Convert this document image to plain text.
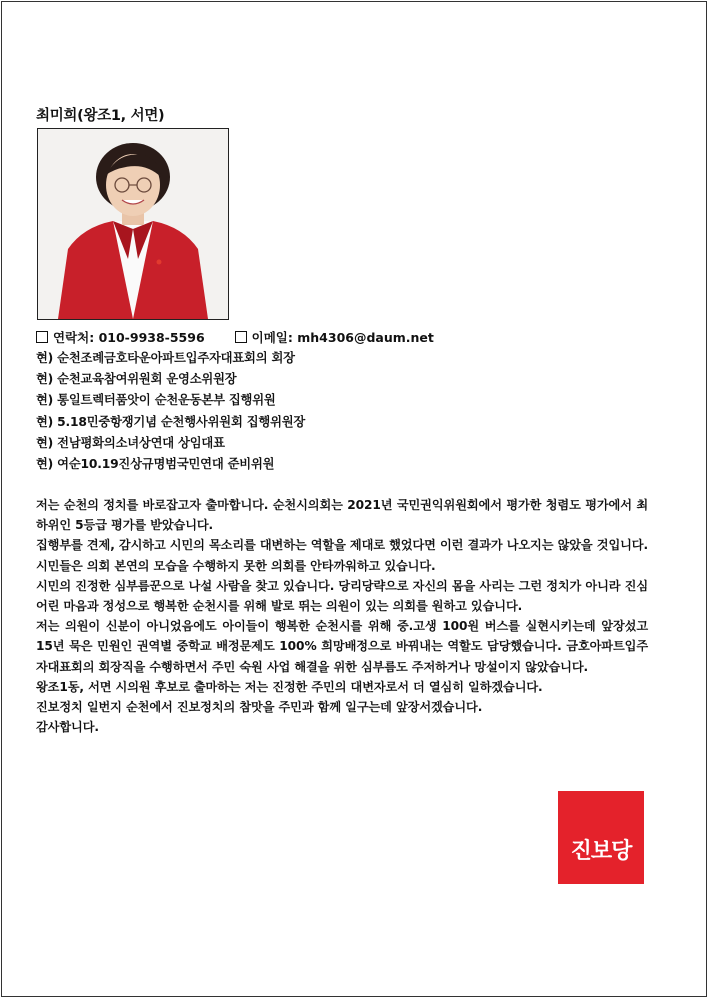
최미희(왕조1, 서면)
연락처: 010-9938-5596	이메일: mh4306@daum.net
현) 순천조례금호타운아파트입주자대표회의 회장
현) 순천교육참여위원회 운영소위원장
현) 통일트렉터품앗이 순천운동본부 집행위원
현) 5.18민중항쟁기념 순천행사위원회 집행위원장
현) 전남평화의소녀상연대 상임대표
현) 여순10.19진상규명범국민연대 준비위원

저는 순천의 정치를 바로잡고자 출마합니다. 순천시의회는 2021년 국민권익위원회에서 평가한 청렴도 평가에서 최하위인 5등급 평가를 받았습니다.

집행부를 견제, 감시하고 시민의 목소리를 대변하는 역할을 제대로 했었다면 이런 결과가 나오지는 않았을 것입니다. 시민들은 의회 본연의 모습을 수행하지 못한 의회를 안타까워하고 있습니다.

시민의 진정한 심부름꾼으로 나설 사람을 찾고 있습니다. 당리당략으로 자신의 몸을 사리는 그런 정치가 아니라 진심어린 마음과 정성으로 행복한 순천시를 위해 발로 뛰는 의원이 있는 의회를 원하고 있습니다.

저는 의원이 신분이 아니었음에도 아이들이 행복한 순천시를 위해 중.고생 100원 버스를 실현시키는데 앞장섰고 15년 묵은 민원인 권역별 중학교 배정문제도 100% 희망배정으로 바꿔내는 역할도 담당했습니다. 금호아파트입주자대표회의 회장직을 수행하면서 주민 숙원 사업 해결을 위한 심부름도 주저하거나 망설이지 않았습니다.

왕조1동, 서면 시의원 후보로 출마하는 저는 진정한 주민의 대변자로서 더 열심히 일하겠습니다.

진보정치 일번지 순천에서 진보정치의 참맛을 주민과 함께 일구는데 앞장서겠습니다.

감사합니다.

진보당
